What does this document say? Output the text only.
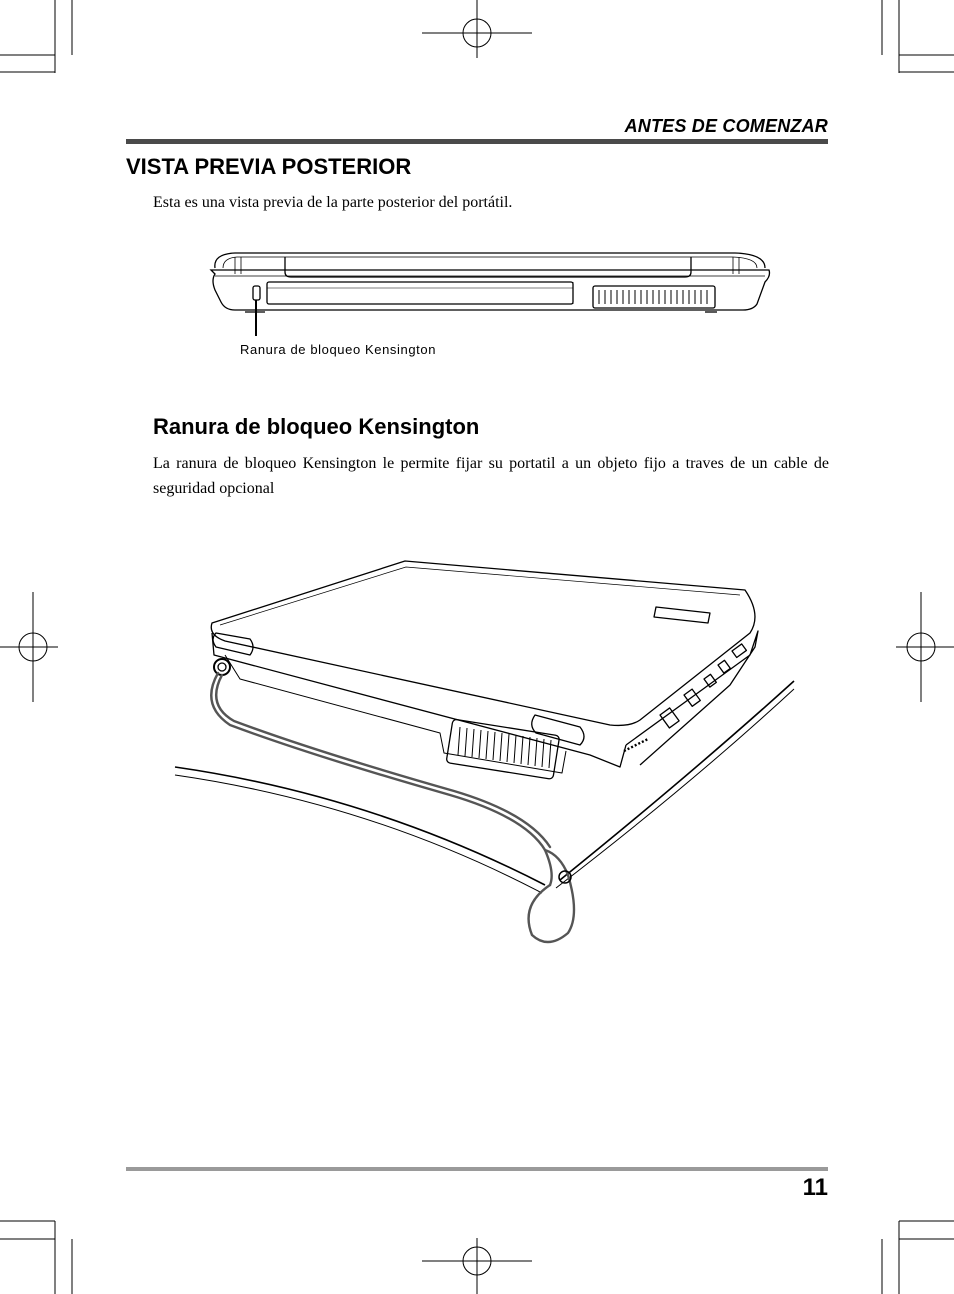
ANTES DE COMENZAR
VISTA PREVIA POSTERIOR
Esta es una vista previa de la parte posterior del portátil.
Ranura de bloqueo Kensington
Ranura de bloqueo Kensington
La ranura de bloqueo Kensington le permite fijar su portatil a un objeto fijo a traves de un cable de seguridad opcional
11
